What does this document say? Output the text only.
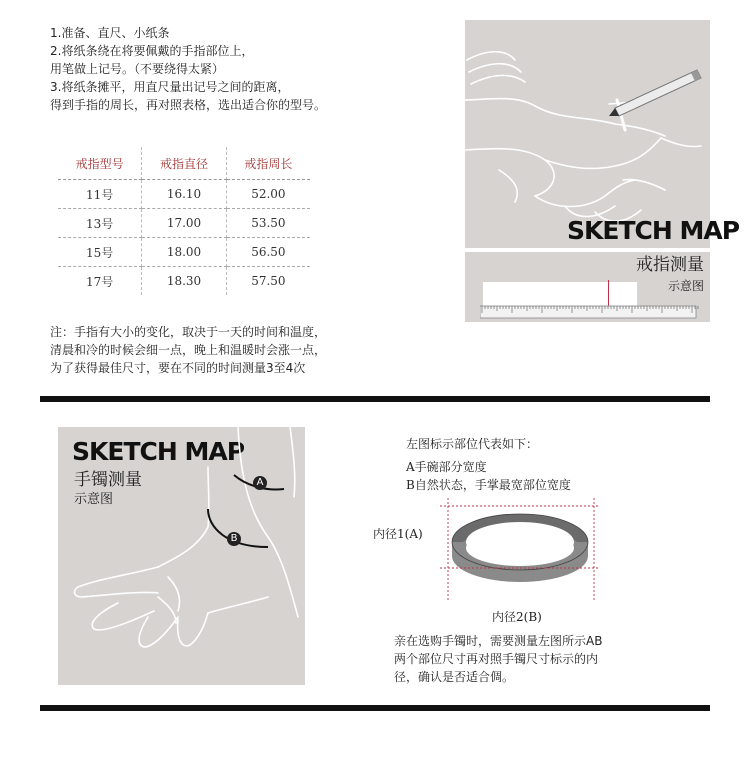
1.准备、直尺、小纸条
2.将纸条绕在将要佩戴的手指部位上，
用笔做上记号。（不要绕得太紧）
3.将纸条摊平，用直尺量出记号之间的距离，
得到手指的周长，再对照表格，选出适合你的型号。
戒指型号	戒指直径	戒指周长
11号	16.10	52.00
13号	17.00	53.50
15号	18.00	56.50
17号	18.30	57.50
注：手指有大小的变化，取决于一天的时间和温度，
清晨和冷的时候会细一点，晚上和温暖时会涨一点，
为了获得最佳尺寸，要在不同的时间测量3至4次
SKETCH MAP
戒指测量
示意图
SKETCH MAP
手镯测量
示意图
A
B
左图标示部位代表如下：
A手碗部分宽度
B自然状态，手掌最宽部位宽度
内径1(A)
内径2(B)
亲在选购手镯时，需要测量左图所示AB
两个部位尺寸再对照手镯尺寸标示的内
径，确认是否适合倜。
